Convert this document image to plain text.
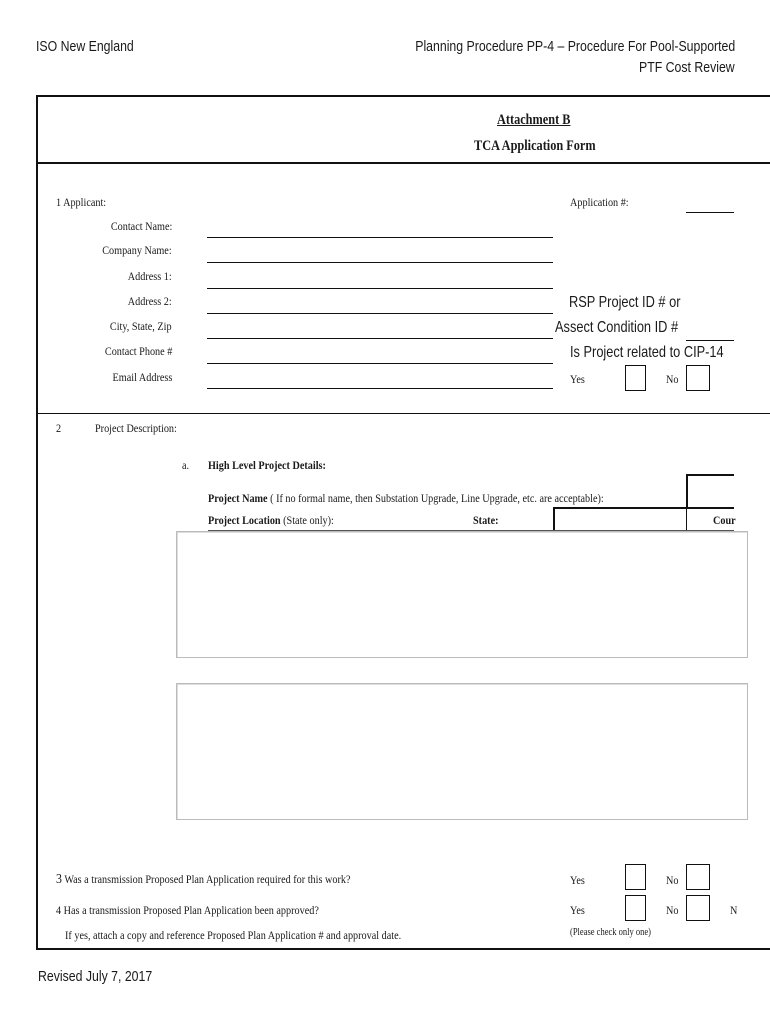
ISO New England	Planning Procedure PP-4 – Procedure For Pool-Supported
PTF Cost Review
Attachment B
TCA Application Form
1 Applicant:	Application #:
Contact Name:
Company Name:
Address 1:
Address 2:
City, State, Zip
Contact Phone #
Email Address
RSP Project ID # or
Assect Condition ID #
Is Project related to CIP-14
Yes	No
2	Project Description:
a. High Level Project Details:
Project Name ( If no formal name, then Substation Upgrade, Line Upgrade, etc. are acceptable):
Project Location (State only):	State:	Cour
3 Was a transmission Proposed Plan Application required for this work?	Yes	No
4 Has a transmission Proposed Plan Application been approved?	Yes	No	N
If yes, attach a copy and reference Proposed Plan Application # and approval date.	(Please check only one)
Revised July 7, 2017
